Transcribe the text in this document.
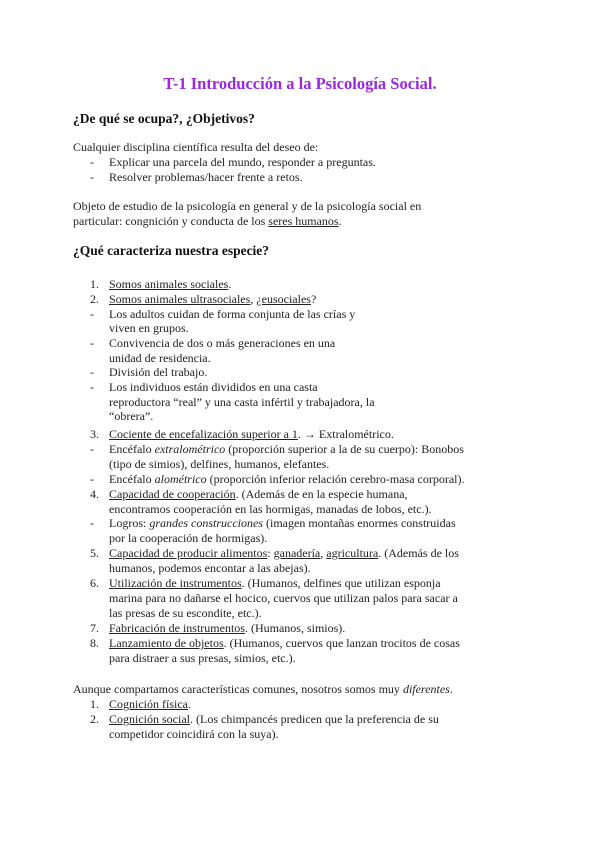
T-1 Introducción a la Psicología Social.
¿De qué se ocupa?, ¿Objetivos?
Cualquier disciplina científica resulta del deseo de:
- Explicar una parcela del mundo, responder a preguntas.
- Resolver problemas/hacer frente a retos.
Objeto de estudio de la psicología en general y de la psicología social en
particular: congnición y conducta de los seres humanos.
¿Qué caracteriza nuestra especie?
1. Somos animales sociales.
2. Somos animales ultrasociales, ¿eusociales?
- Los adultos cuidan de forma conjunta de las crías y
viven en grupos.
- Convivencia de dos o más generaciones en una
unidad de residencia.
- División del trabajo.
- Los individuos están divididos en una casta
reproductora “real” y una casta infértil y trabajadora, la
“obrera”.
3. Cociente de encefalización superior a 1. → Extralométrico.
- Encéfalo extralométrico (proporción superior a la de su cuerpo): Bonobos
(tipo de simios), delfines, humanos, elefantes.
- Encéfalo alométrico (proporción inferior relación cerebro-masa corporal).
4. Capacidad de cooperación. (Además de en la especie humana,
encontramos cooperación en las hormigas, manadas de lobos, etc.).
- Logros: grandes construcciones (imagen montañas enormes construidas
por la cooperación de hormigas).
5. Capacidad de producir alimentos: ganadería, agricultura. (Además de los
humanos, podemos encontar a las abejas).
6. Utilización de instrumentos. (Humanos, delfines que utilizan esponja
marina para no dañarse el hocico, cuervos que utilizan palos para sacar a
las presas de su escondite, etc.).
7. Fabricación de instrumentos. (Humanos, simios).
8. Lanzamiento de objetos. (Humanos, cuervos que lanzan trocitos de cosas
para distraer a sus presas, simios, etc.).
Aunque compartamos características comunes, nosotros somos muy diferentes.
1. Cognición física.
2. Cognición social. (Los chimpancés predicen que la preferencia de su
competidor coincidirá con la suya).
